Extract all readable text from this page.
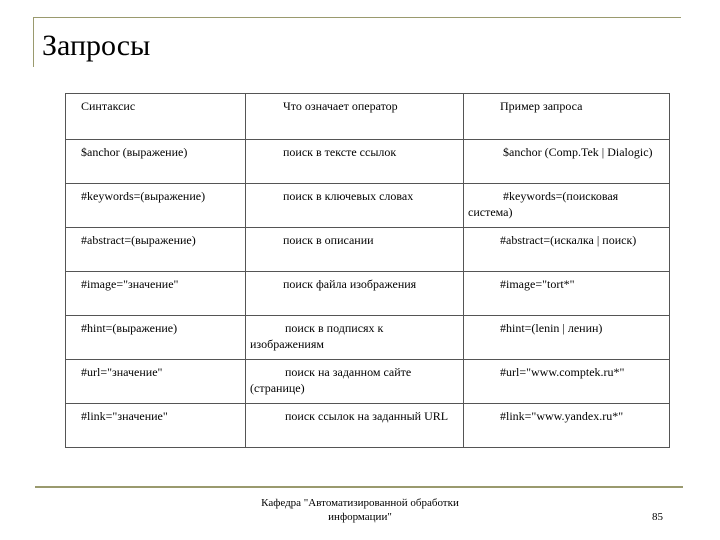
Запросы
Синтаксис	Что означает оператор	Пример запроса

$anchor (выражение)	поиск в тексте ссылок	$anchor (Comp.Tek | Dialogic)

#keywords=(выражение)	поиск в ключевых словах	#keywords=(поисковая система)

#abstract=(выражение)	поиск в описании	#abstract=(искалка | поиск)

#image="значение"	поиск файла изображения	#image="tort*"

#hint=(выражение)	поиск в подписях к изображениям	#hint=(lenin | ленин)

#url="значение"	поиск на заданном сайте (странице)	#url="www.comptek.ru*"

#link="значение"	поиск ссылок на заданный URL	#link="www.yandex.ru*"
Кафедра "Автоматизированной обработки информации"	85
